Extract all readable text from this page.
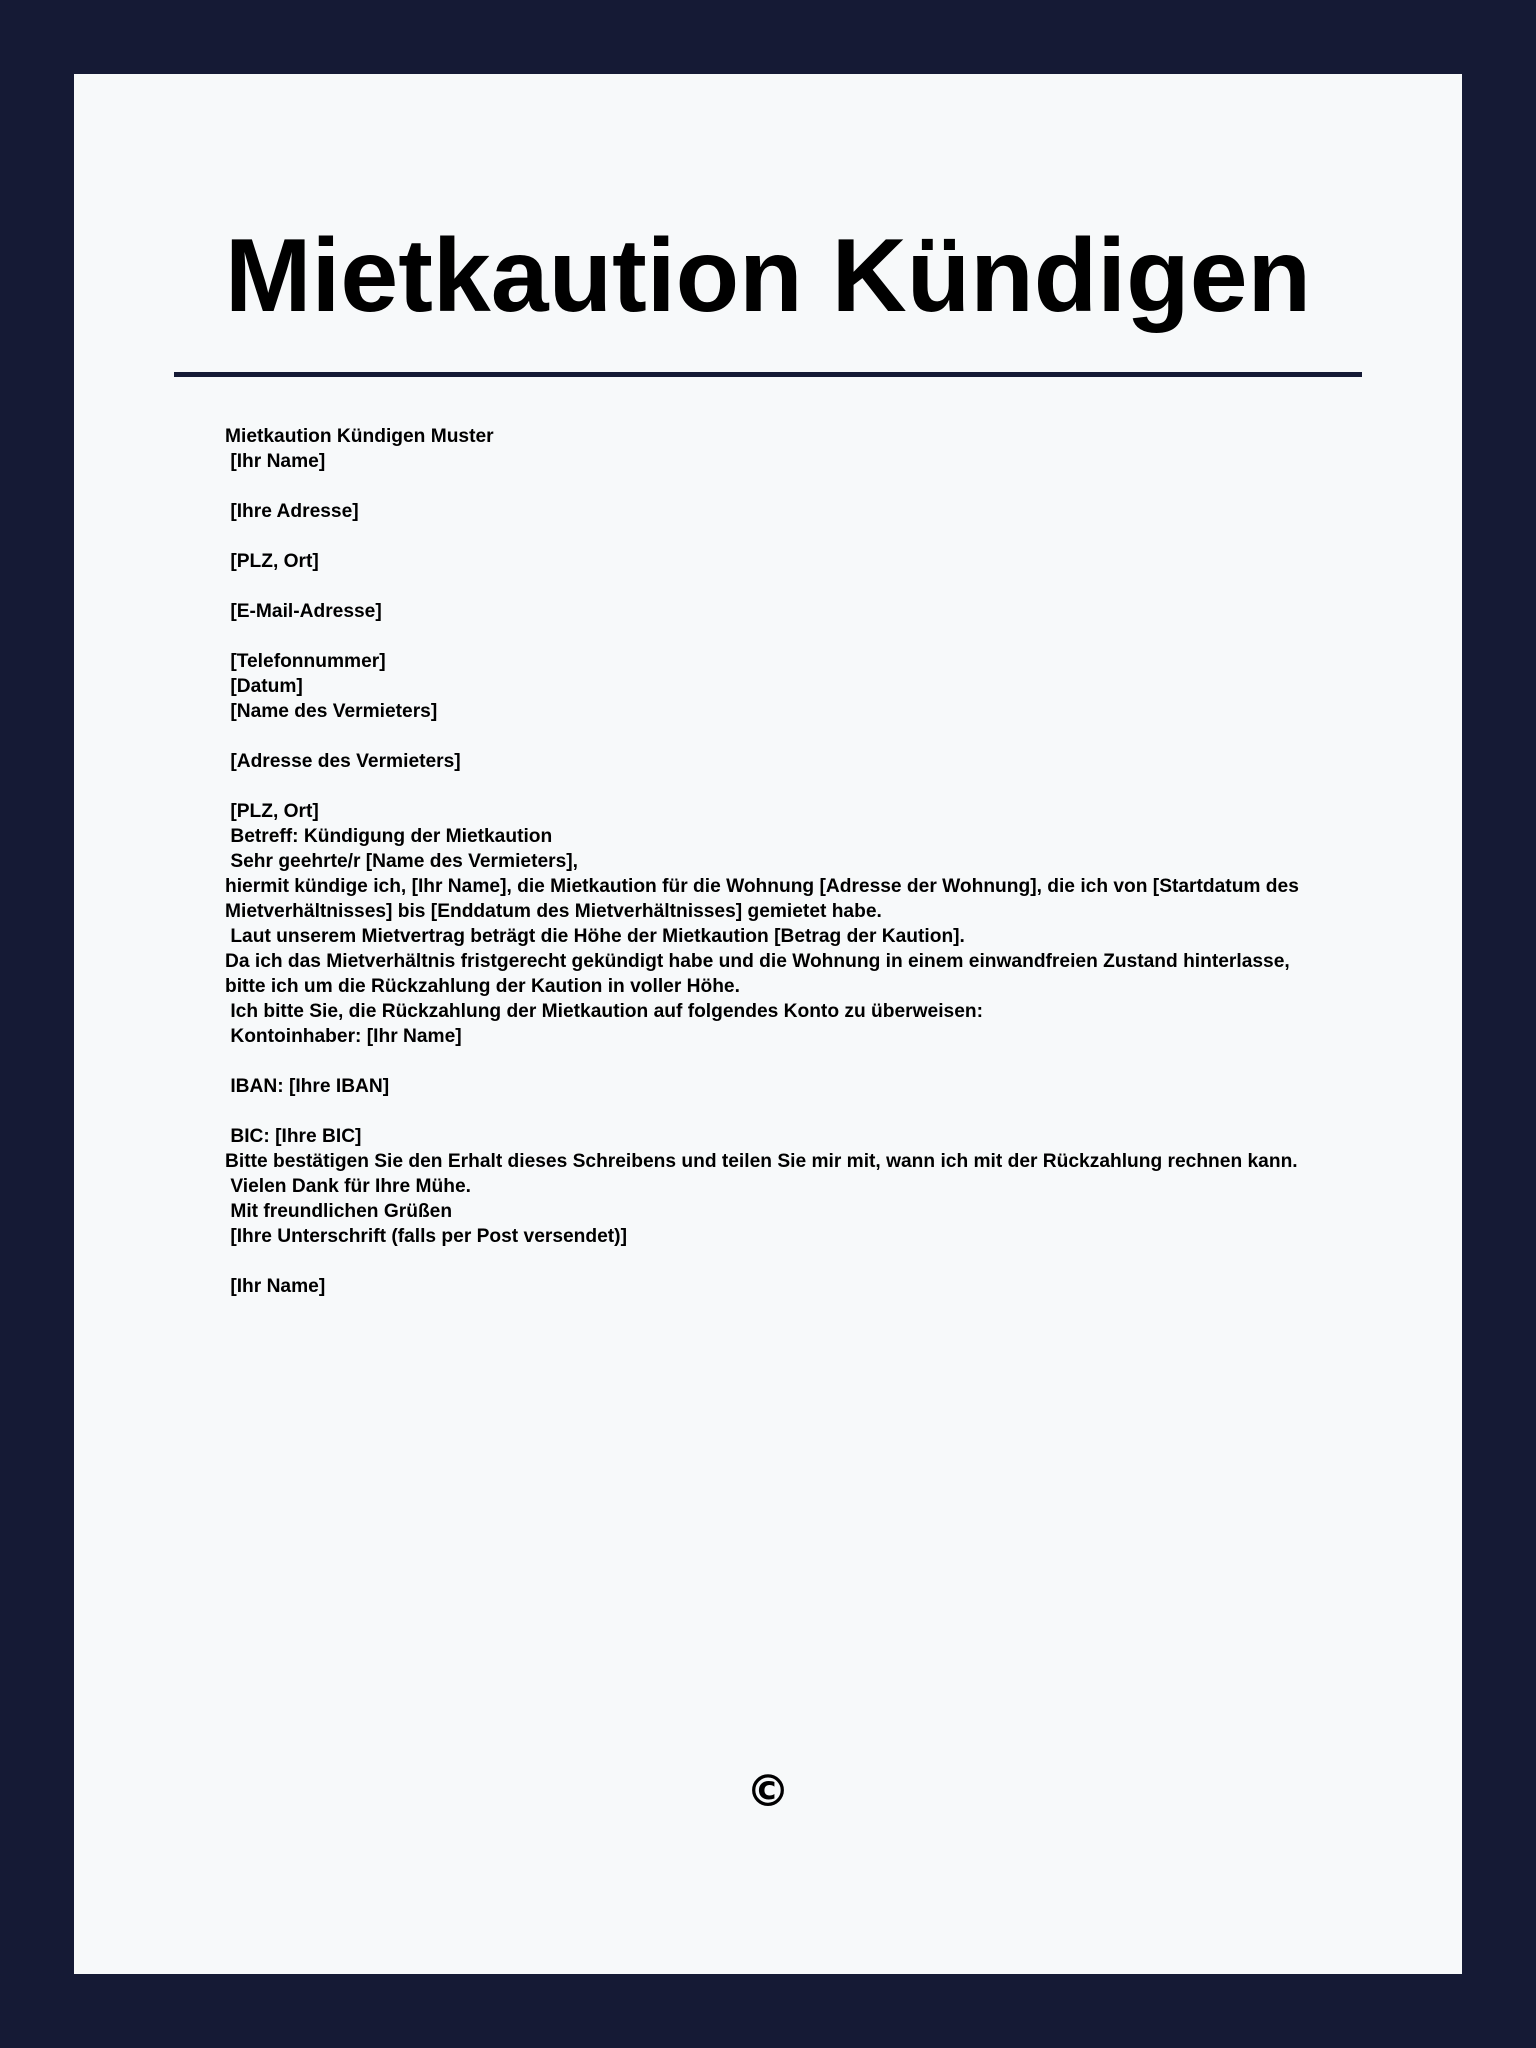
Mietkaution Kündigen
Mietkaution Kündigen Muster
[Ihr Name]
[Ihre Adresse]
[PLZ, Ort]
[E-Mail-Adresse]
[Telefonnummer]
[Datum]
[Name des Vermieters]
[Adresse des Vermieters]
[PLZ, Ort]
Betreff: Kündigung der Mietkaution
Sehr geehrte/r [Name des Vermieters],
hiermit kündige ich, [Ihr Name], die Mietkaution für die Wohnung [Adresse der Wohnung], die ich von [Startdatum des
Mietverhältnisses] bis [Enddatum des Mietverhältnisses] gemietet habe.
Laut unserem Mietvertrag beträgt die Höhe der Mietkaution [Betrag der Kaution].
Da ich das Mietverhältnis fristgerecht gekündigt habe und die Wohnung in einem einwandfreien Zustand hinterlasse,
bitte ich um die Rückzahlung der Kaution in voller Höhe.
Ich bitte Sie, die Rückzahlung der Mietkaution auf folgendes Konto zu überweisen:
Kontoinhaber: [Ihr Name]
IBAN: [Ihre IBAN]
BIC: [Ihre BIC]
Bitte bestätigen Sie den Erhalt dieses Schreibens und teilen Sie mir mit, wann ich mit der Rückzahlung rechnen kann.
Vielen Dank für Ihre Mühe.
Mit freundlichen Grüßen
[Ihre Unterschrift (falls per Post versendet)]
[Ihr Name]
©
